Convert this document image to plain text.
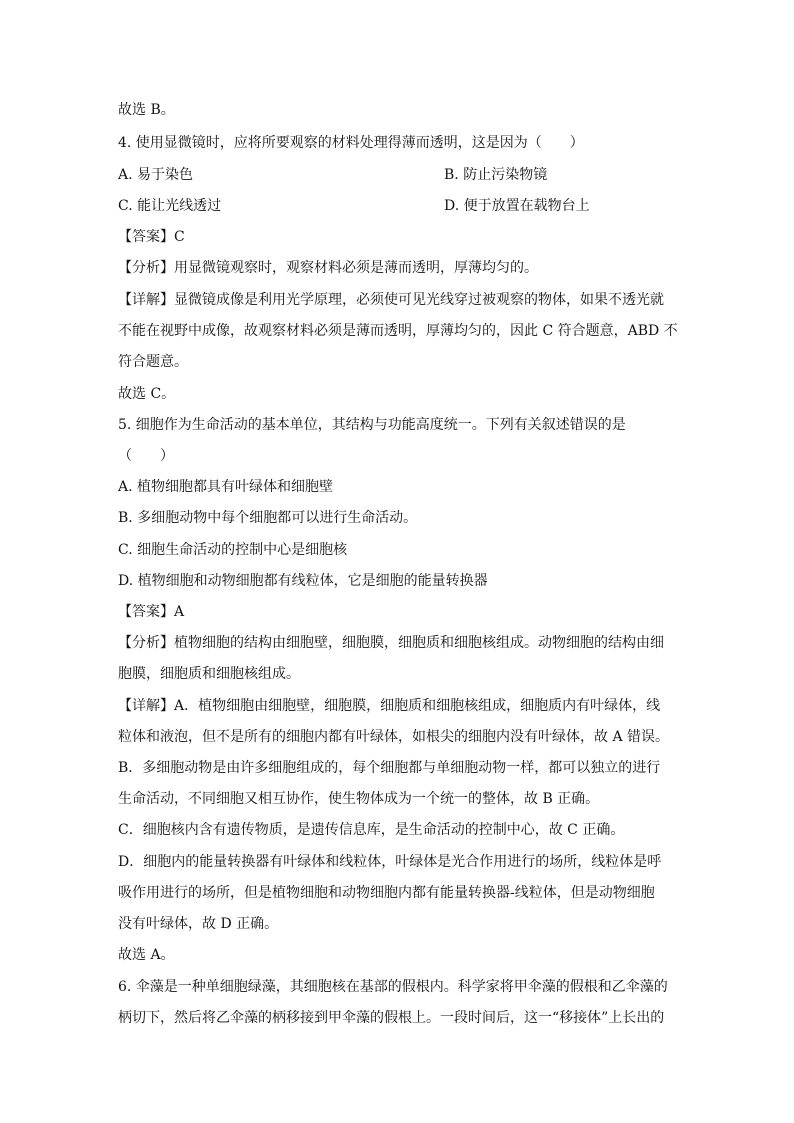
故选 B。
4. 使用显微镜时，应将所要观察的材料处理得薄而透明，这是因为（　　）
A. 易于染色	B. 防止污染物镜
C. 能让光线透过	D. 便于放置在载物台上
【答案】C
【分析】用显微镜观察时，观察材料必须是薄而透明，厚薄均匀的。
【详解】显微镜成像是利用光学原理，必须使可见光线穿过被观察的物体，如果不透光就
不能在视野中成像，故观察材料必须是薄而透明，厚薄均匀的，因此 C 符合题意，ABD 不
符合题意。
故选 C。
5. 细胞作为生命活动的基本单位，其结构与功能高度统一。下列有关叙述错误的是
（　　）
A. 植物细胞都具有叶绿体和细胞壁
B. 多细胞动物中每个细胞都可以进行生命活动。
C. 细胞生命活动的控制中心是细胞核
D. 植物细胞和动物细胞都有线粒体，它是细胞的能量转换器
【答案】A
【分析】植物细胞的结构由细胞壁，细胞膜，细胞质和细胞核组成。动物细胞的结构由细
胞膜，细胞质和细胞核组成。
【详解】A．植物细胞由细胞壁，细胞膜，细胞质和细胞核组成，细胞质内有叶绿体，线
粒体和液泡，但不是所有的细胞内都有叶绿体，如根尖的细胞内没有叶绿体，故 A 错误。
B．多细胞动物是由许多细胞组成的，每个细胞都与单细胞动物一样，都可以独立的进行
生命活动，不同细胞又相互协作，使生物体成为一个统一的整体，故 B 正确。
C．细胞核内含有遗传物质，是遗传信息库，是生命活动的控制中心，故 C 正确。
D．细胞内的能量转换器有叶绿体和线粒体，叶绿体是光合作用进行的场所，线粒体是呼
吸作用进行的场所，但是植物细胞和动物细胞内都有能量转换器-线粒体，但是动物细胞
没有叶绿体，故 D 正确。
故选 A。
6. 伞藻是一种单细胞绿藻，其细胞核在基部的假根内。科学家将甲伞藻的假根和乙伞藻的
柄切下，然后将乙伞藻的柄移接到甲伞藻的假根上。一段时间后，这一“移接体”上长出的
